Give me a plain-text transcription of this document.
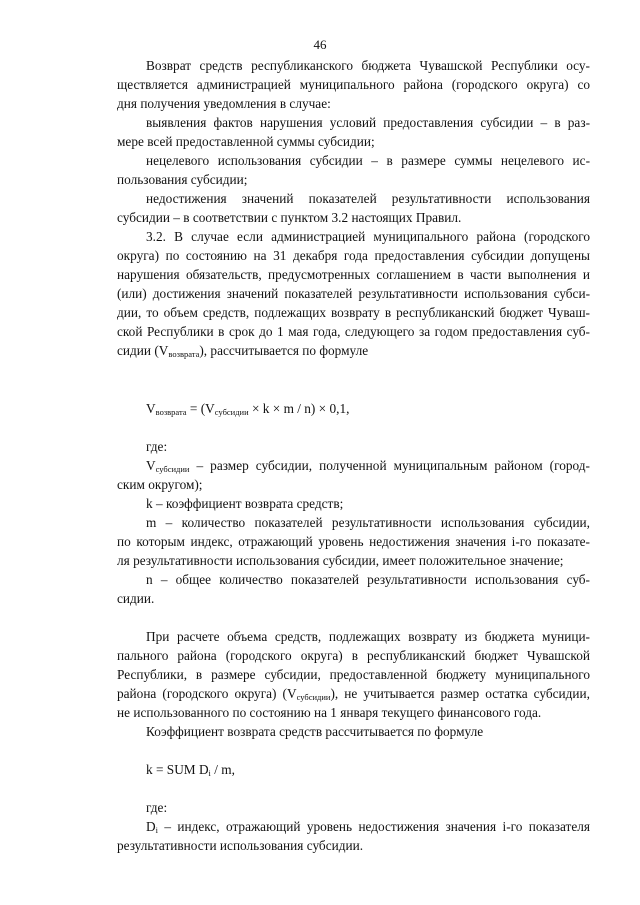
46
Возврат средств республиканского бюджета Чувашской Республики осу-
ществляется администрацией муниципального района (городского округа) со
дня получения уведомления в случае:
выявления фактов нарушения условий предоставления субсидии – в раз-
мере всей предоставленной суммы субсидии;
нецелевого использования субсидии – в размере суммы нецелевого ис-
пользования субсидии;
недостижения значений показателей результативности использования
субсидии – в соответствии с пунктом 3.2 настоящих Правил.
3.2. В случае если администрацией муниципального района (городского
округа) по состоянию на 31 декабря года предоставления субсидии допущены
нарушения обязательств, предусмотренных соглашением в части выполнения и
(или) достижения значений показателей результативности использования субси-
дии, то объем средств, подлежащих возврату в республиканский бюджет Чуваш-
ской Республики в срок до 1 мая года, следующего за годом предоставления суб-
сидии $(V_{возврата})$, рассчитывается по формуле
$V_{возврата} = (V_{субсидии} \times k \times m / n) \times 0,1$,
где:
$V_{субсидии}$ – размер субсидии, полученной муниципальным районом (город-
ским округом);
k – коэффициент возврата средств;
m – количество показателей результативности использования субсидии,
по которым индекс, отражающий уровень недостижения значения i-го показате-
ля результативности использования субсидии, имеет положительное значение;
n – общее количество показателей результативности использования суб-
сидии.
При расчете объема средств, подлежащих возврату из бюджета муници-
пального района (городского округа) в республиканский бюджет Чувашской
Республики, в размере субсидии, предоставленной бюджету муниципального
района (городского округа) $(V_{субсидии})$, не учитывается размер остатка субсидии,
не использованного по состоянию на 1 января текущего финансового года.
Коэффициент возврата средств рассчитывается по формуле
k = SUM $D_i$ / m,
где:
$D_i$ – индекс, отражающий уровень недостижения значения i-го показателя
результативности использования субсидии.
